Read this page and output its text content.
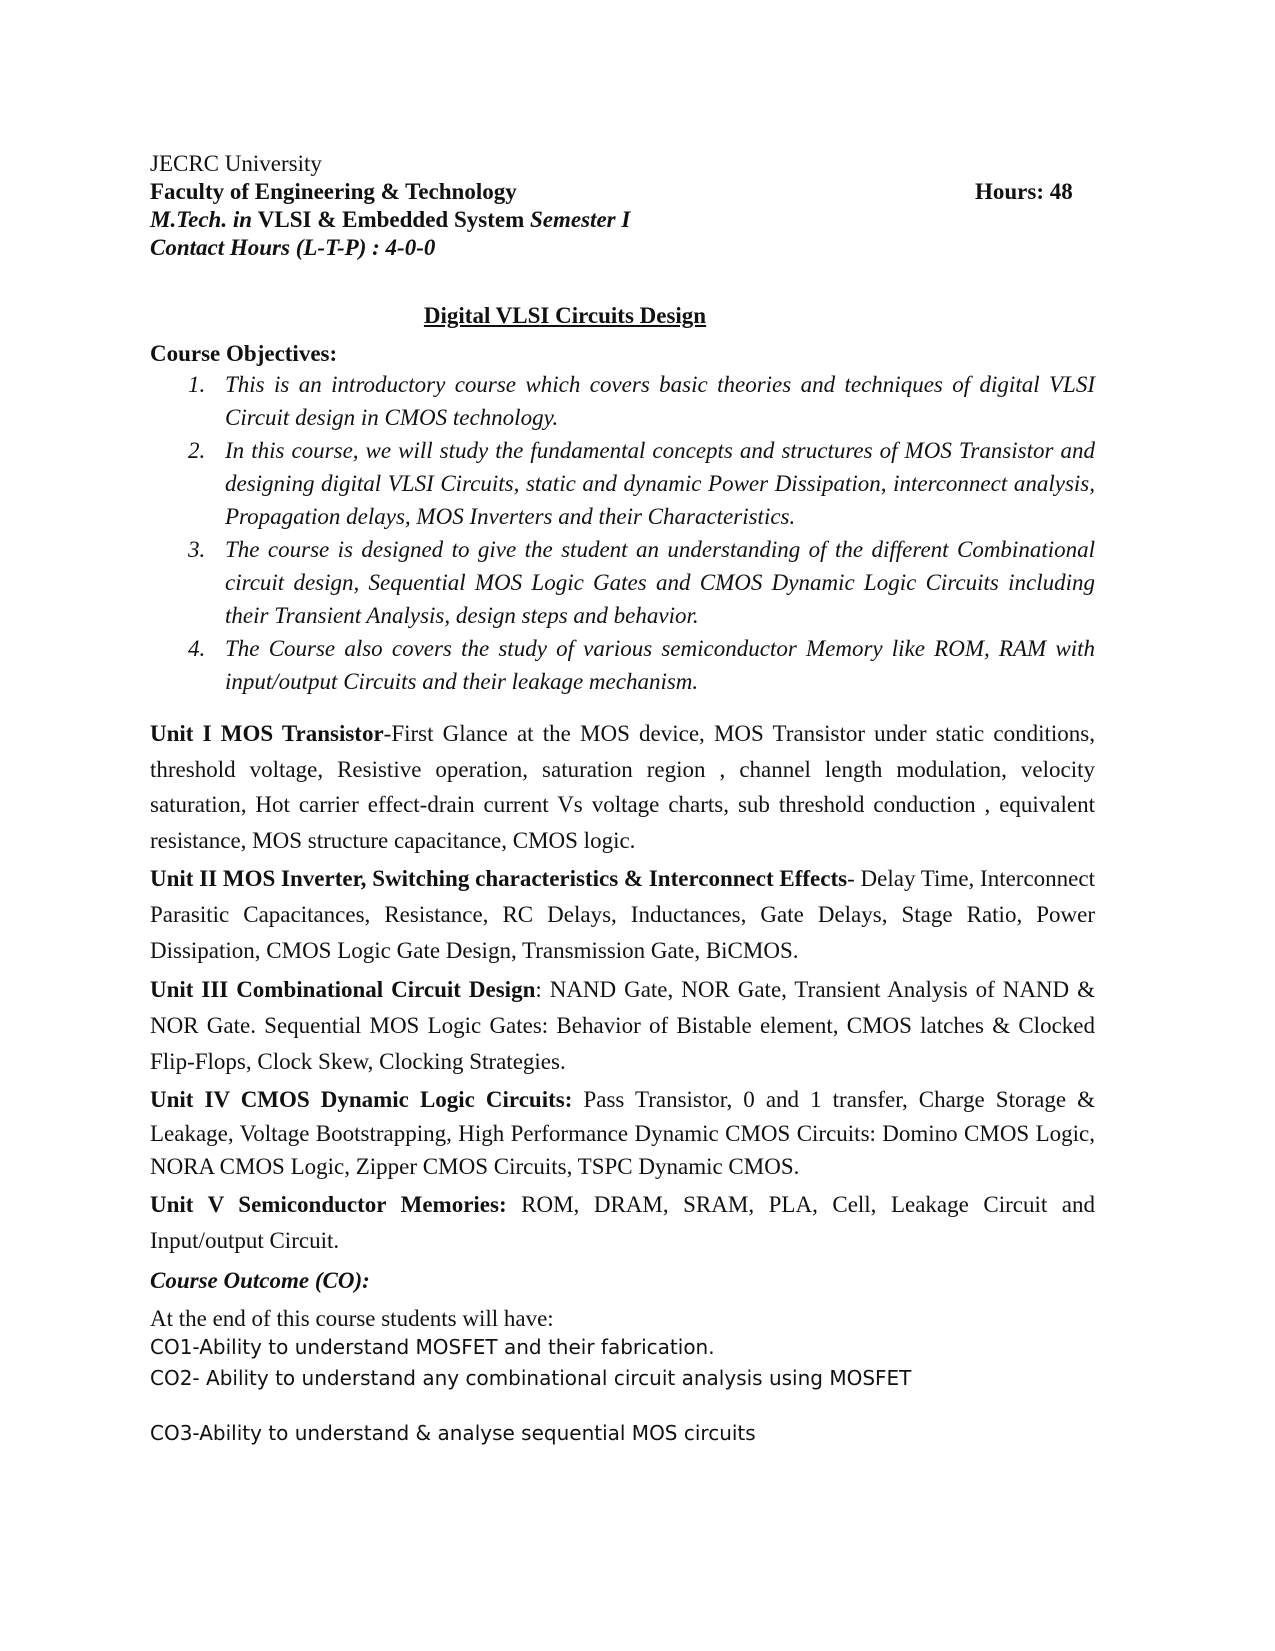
JECRC University
Faculty of Engineering & Technology	Hours: 48
M.Tech. in VLSI & Embedded System Semester I
Contact Hours (L-T-P) : 4-0-0
Digital VLSI Circuits Design
Course Objectives:
1. This is an introductory course which covers basic theories and techniques of digital VLSI Circuit design in CMOS technology.
2. In this course, we will study the fundamental concepts and structures of MOS Transistor and designing digital VLSI Circuits, static and dynamic Power Dissipation, interconnect analysis, Propagation delays, MOS Inverters and their Characteristics.
3. The course is designed to give the student an understanding of the different Combinational circuit design, Sequential MOS Logic Gates and CMOS Dynamic Logic Circuits including their Transient Analysis, design steps and behavior.
4. The Course also covers the study of various semiconductor Memory like ROM, RAM with input/output Circuits and their leakage mechanism.

Unit I MOS Transistor-First Glance at the MOS device, MOS Transistor under static conditions, threshold voltage, Resistive operation, saturation region , channel length modulation, velocity saturation, Hot carrier effect-drain current Vs voltage charts, sub threshold conduction , equivalent resistance, MOS structure capacitance, CMOS logic.

Unit II MOS Inverter, Switching characteristics & Interconnect Effects- Delay Time, Interconnect Parasitic Capacitances, Resistance, RC Delays, Inductances, Gate Delays, Stage Ratio, Power Dissipation, CMOS Logic Gate Design, Transmission Gate, BiCMOS.

Unit III Combinational Circuit Design: NAND Gate, NOR Gate, Transient Analysis of NAND & NOR Gate. Sequential MOS Logic Gates: Behavior of Bistable element, CMOS latches & Clocked Flip-Flops, Clock Skew, Clocking Strategies.

Unit IV CMOS Dynamic Logic Circuits: Pass Transistor, 0 and 1 transfer, Charge Storage & Leakage, Voltage Bootstrapping, High Performance Dynamic CMOS Circuits: Domino CMOS Logic, NORA CMOS Logic, Zipper CMOS Circuits, TSPC Dynamic CMOS.

Unit V Semiconductor Memories: ROM, DRAM, SRAM, PLA, Cell, Leakage Circuit and Input/output Circuit.

Course Outcome (CO):
At the end of this course students will have:
CO1-Ability to understand MOSFET and their fabrication.
CO2- Ability to understand any combinational circuit analysis using MOSFET
CO3-Ability to understand & analyse sequential MOS circuits
